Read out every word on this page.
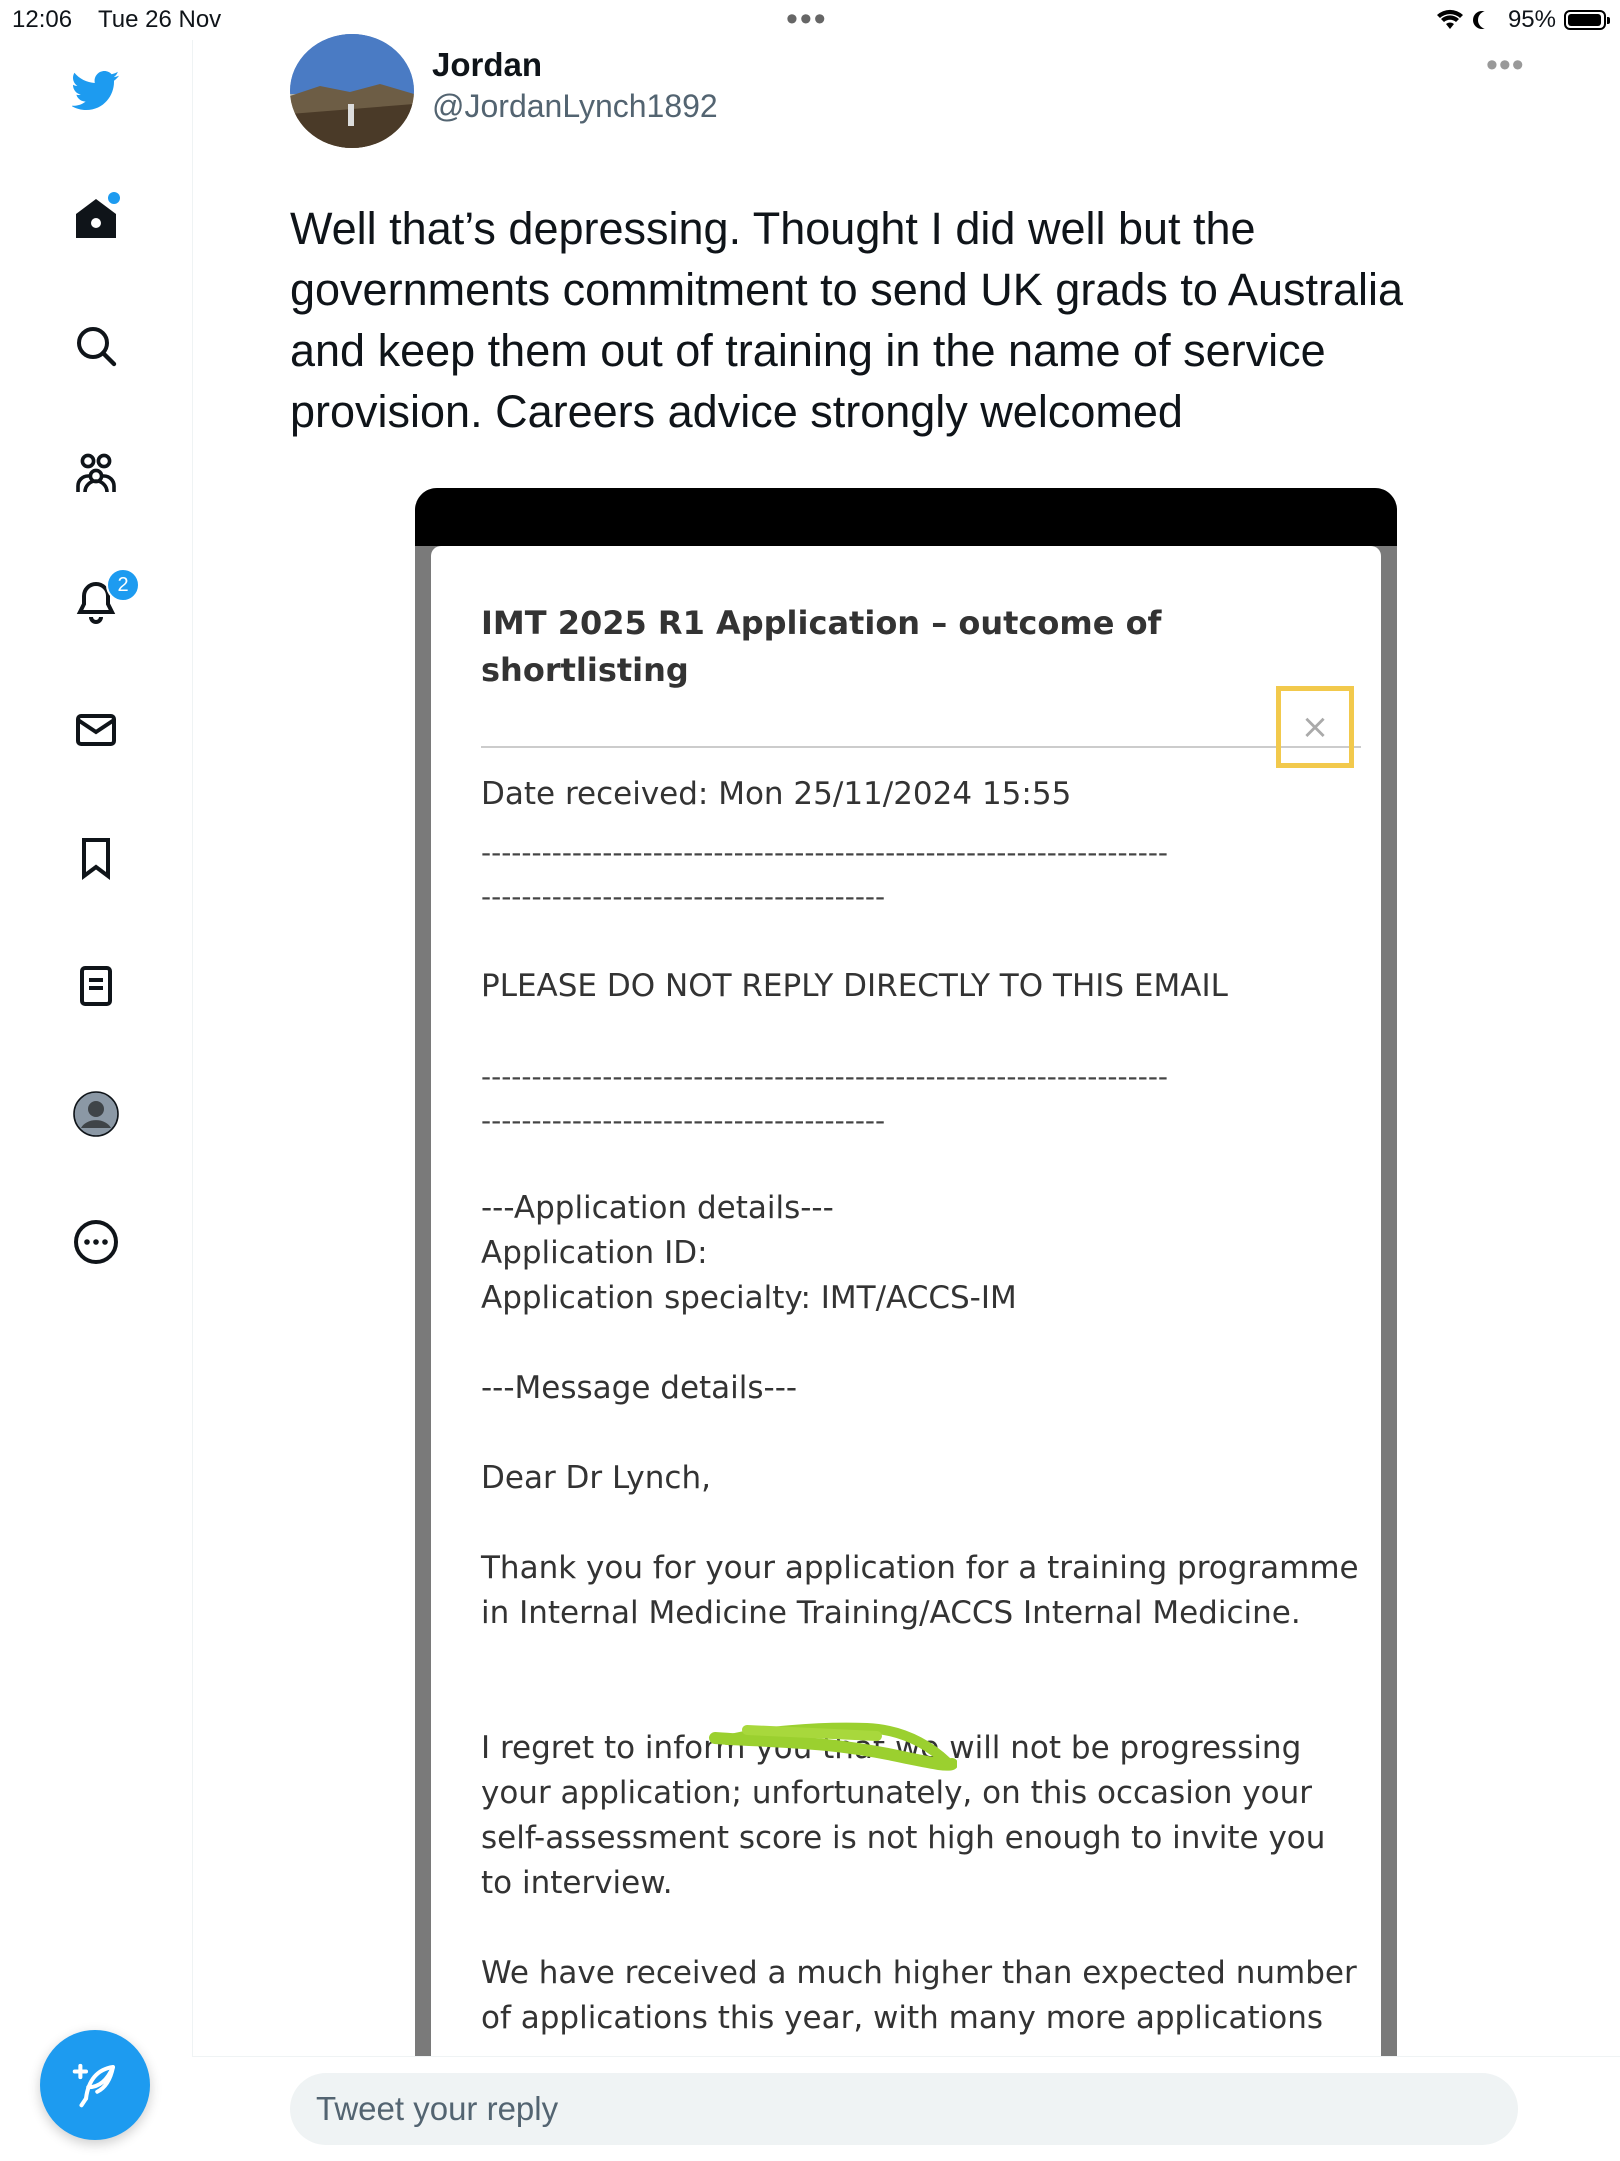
12:06 Tue 26 Nov	•••	95%
2
Jordan
@JordanLynch1892
•••
Well that’s depressing. Thought I did well but the governments commitment to send UK grads to Australia and keep them out of training in the name of service provision. Careers advice strongly welcomed
IMT 2025 R1 Application – outcome of shortlisting
×

Date received: Mon 25/11/2024 15:55

--------------------------------------------------------------------
----------------------------------------

PLEASE DO NOT REPLY DIRECTLY TO THIS EMAIL

--------------------------------------------------------------------
----------------------------------------

---Application details---

Application ID:

Application specialty: IMT/ACCS-IM

---Message details---

Dear Dr Lynch,

Thank you for your application for a training programme in Internal Medicine Training/ACCS Internal Medicine.

I regret to inform you that we will not be progressing your application; unfortunately, on this occasion your self-assessment score is not high enough to invite you to interview.

We have received a much higher than expected number of applications this year, with many more applications

Tweet your reply
